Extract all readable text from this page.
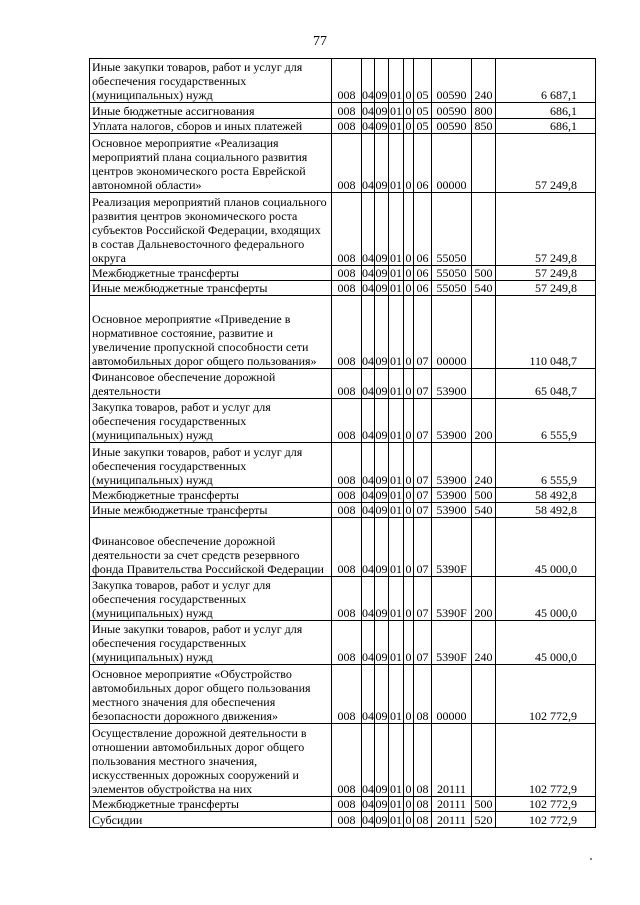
77
Иные закупки товаров, работ и услуг для обеспечения государственных (муниципальных) нужд	008	04	09	01	0	05	00590	240	6 687,1
Иные бюджетные ассигнования	008	04	09	01	0	05	00590	800	686,1
Уплата налогов, сборов и иных платежей	008	04	09	01	0	05	00590	850	686,1
Основное мероприятие «Реализация мероприятий плана социального развития центров экономического роста Еврейской автономной области»	008	04	09	01	0	06	00000		57 249,8
Реализация мероприятий планов социального развития центров экономического роста субъектов Российской Федерации, входящих в состав Дальневосточного федерального округа	008	04	09	01	0	06	55050		57 249,8
Межбюджетные трансферты	008	04	09	01	0	06	55050	500	57 249,8
Иные межбюджетные трансферты	008	04	09	01	0	06	55050	540	57 249,8
Основное мероприятие «Приведение в нормативное состояние, развитие и увеличение пропускной способности сети автомобильных дорог общего пользования»	008	04	09	01	0	07	00000		110 048,7
Финансовое обеспечение дорожной деятельности	008	04	09	01	0	07	53900		65 048,7
Закупка товаров, работ и услуг для обеспечения государственных (муниципальных) нужд	008	04	09	01	0	07	53900	200	6 555,9
Иные закупки товаров, работ и услуг для обеспечения государственных (муниципальных) нужд	008	04	09	01	0	07	53900	240	6 555,9
Межбюджетные трансферты	008	04	09	01	0	07	53900	500	58 492,8
Иные межбюджетные трансферты	008	04	09	01	0	07	53900	540	58 492,8
Финансовое обеспечение дорожной деятельности за счет средств резервного фонда Правительства Российской Федерации	008	04	09	01	0	07	5390F		45 000,0
Закупка товаров, работ и услуг для обеспечения государственных (муниципальных) нужд	008	04	09	01	0	07	5390F	200	45 000,0
Иные закупки товаров, работ и услуг для обеспечения государственных (муниципальных) нужд	008	04	09	01	0	07	5390F	240	45 000,0
Основное мероприятие «Обустройство автомобильных дорог общего пользования местного значения для обеспечения безопасности дорожного движения»	008	04	09	01	0	08	00000		102 772,9
Осуществление дорожной деятельности в отношении автомобильных дорог общего пользования местного значения, искусственных дорожных сооружений и элементов обустройства на них	008	04	09	01	0	08	20111		102 772,9
Межбюджетные трансферты	008	04	09	01	0	08	20111	500	102 772,9
Субсидии	008	04	09	01	0	08	20111	520	102 772,9
